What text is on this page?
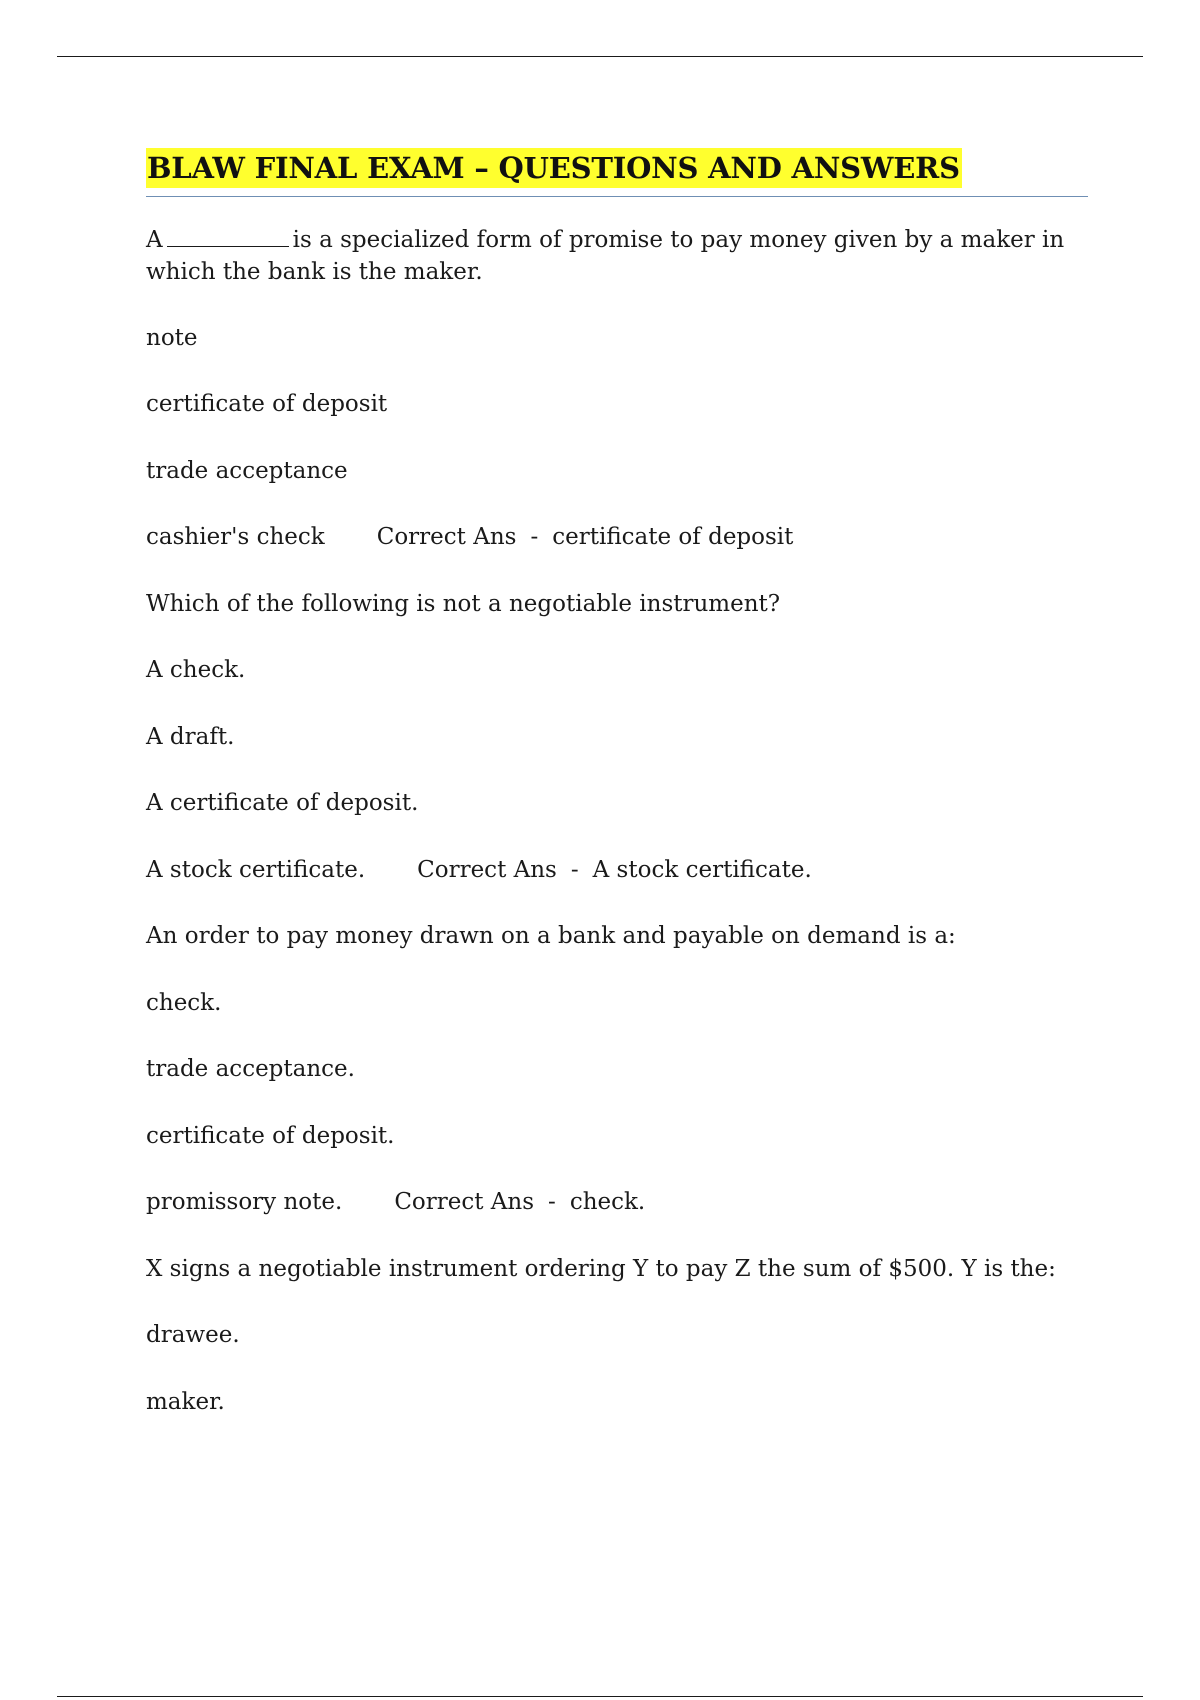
BLAW FINAL EXAM – QUESTIONS AND ANSWERS
A	is a specialized form of promise to pay money given by a maker in which the bank is the maker.
note
certificate of deposit
trade acceptance
cashier's check Correct Ans - certificate of deposit
Which of the following is not a negotiable instrument?
A check.
A draft.
A certificate of deposit.
A stock certificate. Correct Ans - A stock certificate.
An order to pay money drawn on a bank and payable on demand is a:
check.
trade acceptance.
certificate of deposit.
promissory note. Correct Ans - check.
X signs a negotiable instrument ordering Y to pay Z the sum of $500. Y is the:
drawee.
maker.
